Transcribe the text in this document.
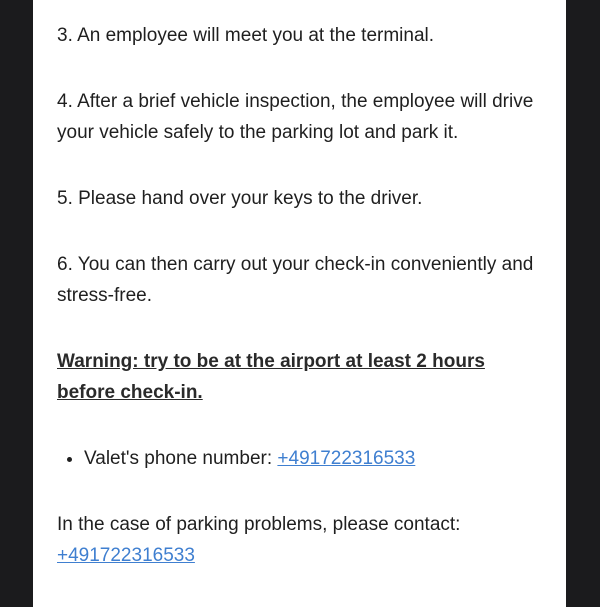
3. An employee will meet you at the terminal.

4. After a brief vehicle inspection, the employee will drive your vehicle safely to the parking lot and park it.

5. Please hand over your keys to the driver.

6. You can then carry out your check-in conveniently and stress-free.

Warning: try to be at the airport at least 2 hours before check-in.

• Valet's phone number: +491722316533

In the case of parking problems, please contact:
+491722316533
